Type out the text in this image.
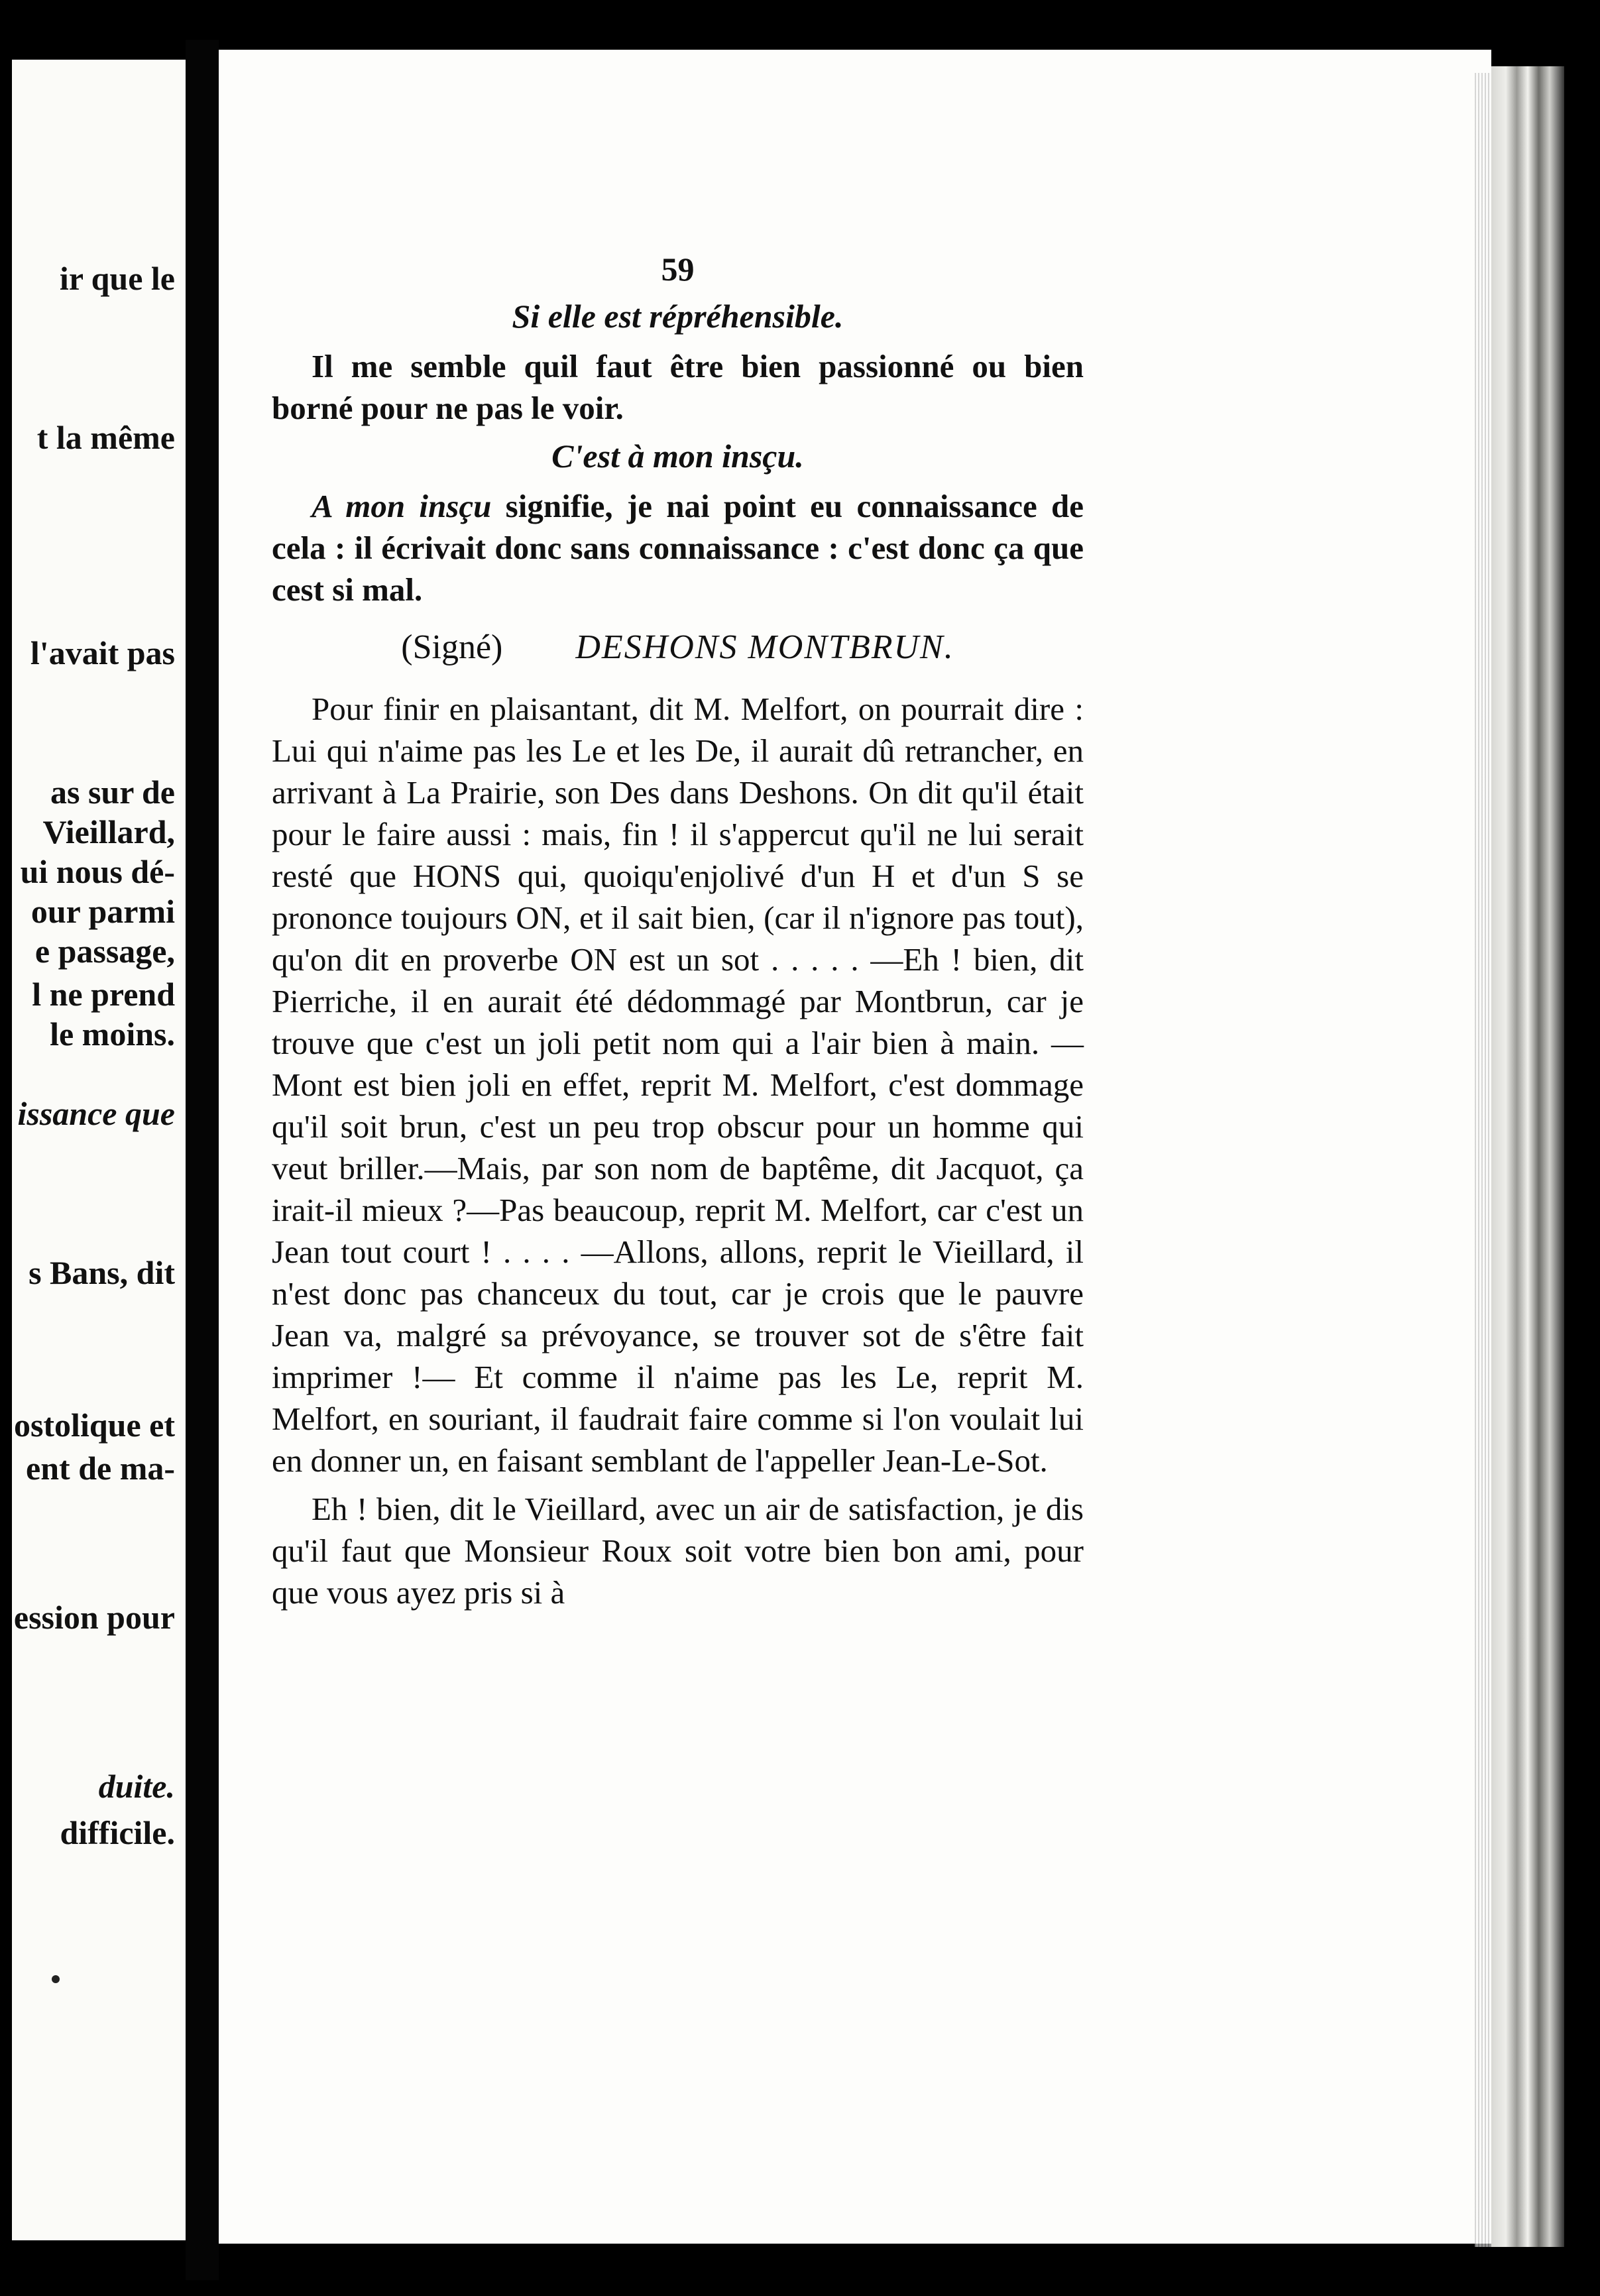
ir que le
t la même
l'avait pas
as sur de
Vieillard,
ui nous dé-
our parmi
e passage,
l ne prend
le moins.
issance que
s Bans, dit
ostolique et
ent de ma-
ession pour
duite.
difficile.
59
Si elle est répréhensible.

Il me semble quil faut être bien passionné ou bien borné pour ne pas le voir.

C'est à mon insçu.

A mon insçu signifie, je nai point eu connaissance de cela : il écrivait donc sans connaissance : c'est donc ça que cest si mal.

(Signé) DESHONS MONTBRUN.

Pour finir en plaisantant, dit M. Melfort, on pourrait dire : Lui qui n'aime pas les Le et les De, il aurait dû retrancher, en arrivant à La Prairie, son Des dans Deshons. On dit qu'il était pour le faire aussi : mais, fin ! il s'appercut qu'il ne lui serait resté que HONS qui, quoiqu'enjolivé d'un H et d'un S se prononce toujours ON, et il sait bien, (car il n'ignore pas tout), qu'on dit en proverbe ON est un sot . . . . . —Eh ! bien, dit Pierriche, il en aurait été dédommagé par Montbrun, car je trouve que c'est un joli petit nom qui a l'air bien à main. —Mont est bien joli en effet, reprit M. Melfort, c'est dommage qu'il soit brun, c'est un peu trop obscur pour un homme qui veut briller.—Mais, par son nom de baptême, dit Jacquot, ça irait-il mieux ?—Pas beaucoup, reprit M. Melfort, car c'est un Jean tout court ! . . . . —Allons, allons, reprit le Vieillard, il n'est donc pas chanceux du tout, car je crois que le pauvre Jean va, malgré sa prévoyance, se trouver sot de s'être fait imprimer !— Et comme il n'aime pas les Le, reprit M. Melfort, en souriant, il faudrait faire comme si l'on voulait lui en donner un, en faisant semblant de l'appeller Jean-Le-Sot.

Eh ! bien, dit le Vieillard, avec un air de satisfaction, je dis qu'il faut que Monsieur Roux soit votre bien bon ami, pour que vous ayez pris si à
